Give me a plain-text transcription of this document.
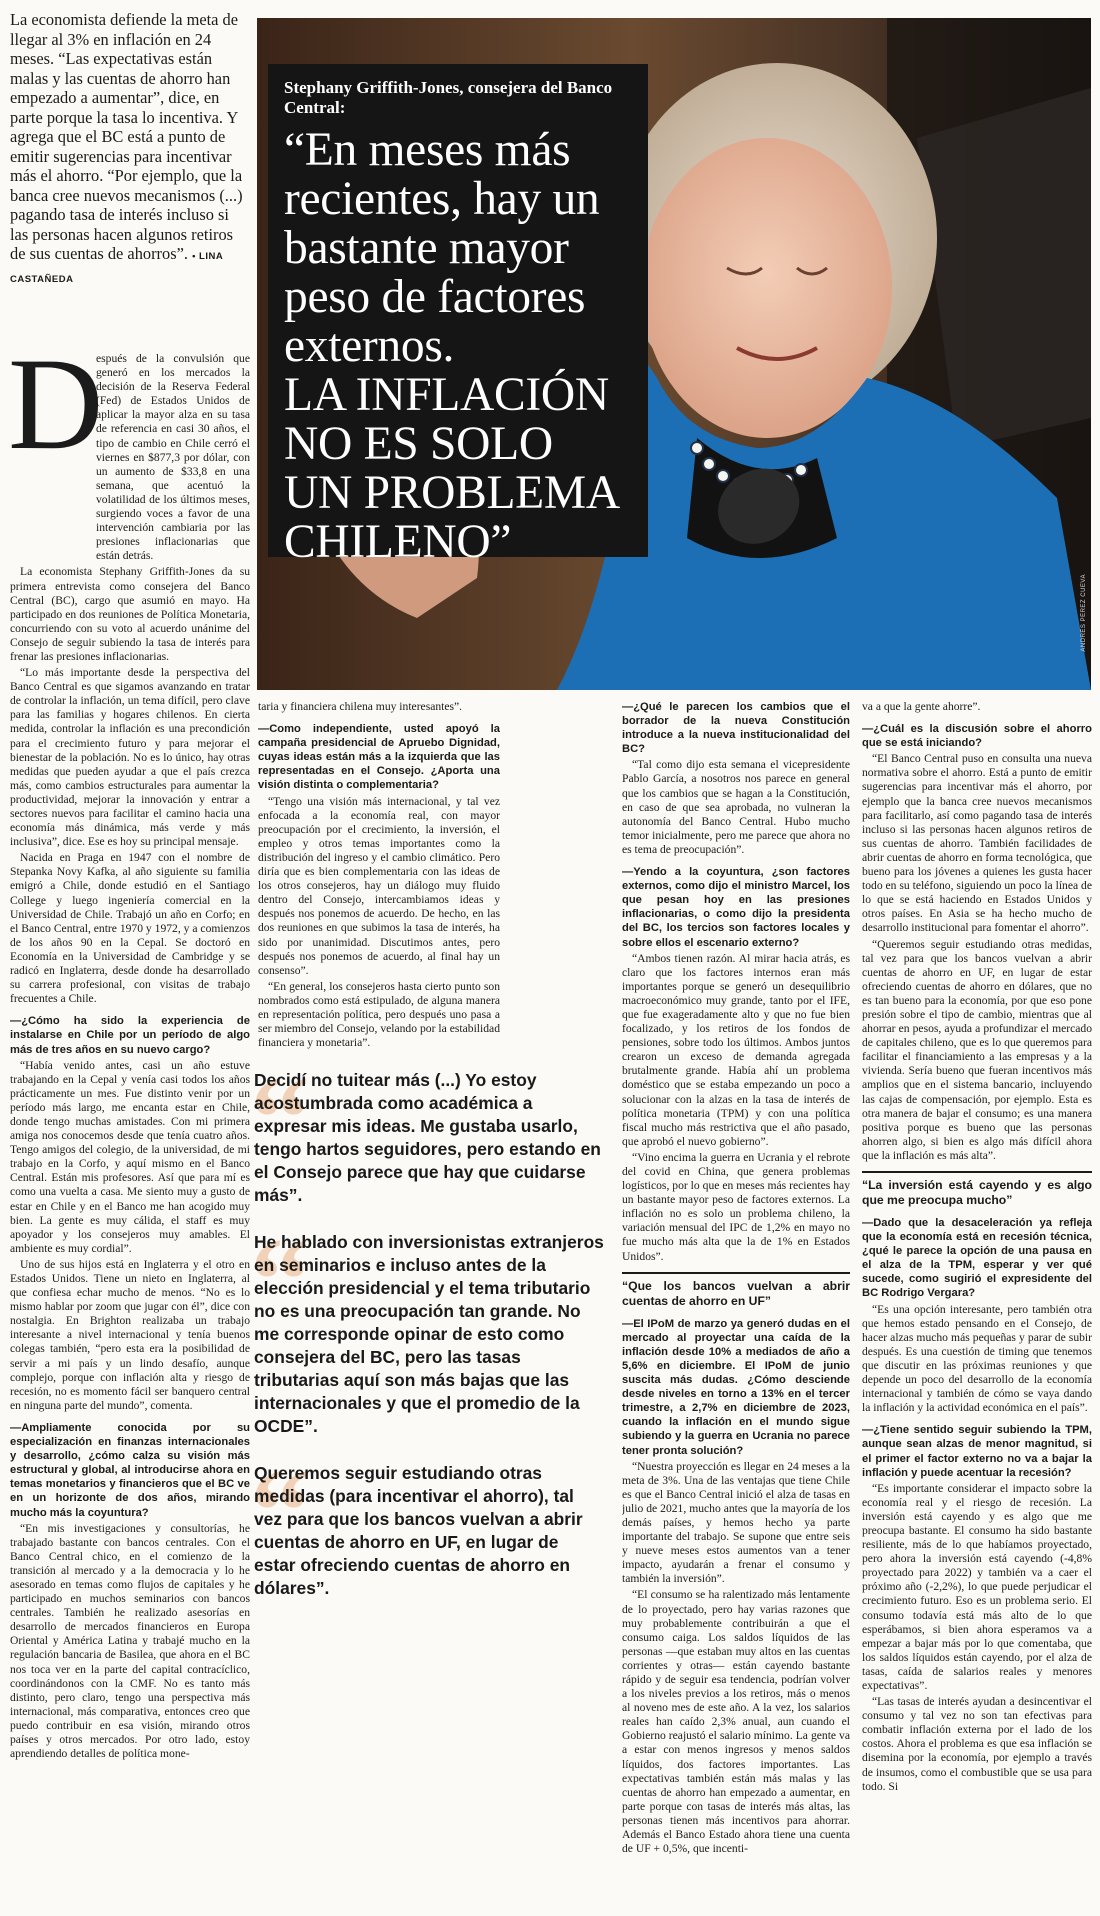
La economista defiende la meta de llegar al 3% en inflación en 24 meses. “Las expectativas están malas y las cuentas de ahorro han empezado a aumentar”, dice, en parte porque la tasa lo incentiva. Y agrega que el BC está a punto de emitir sugerencias para incentivar más el ahorro. “Por ejemplo, que la banca cree nuevos mecanismos (...) pagando tasa de interés incluso si las personas hacen algunos retiros de sus cuentas de ahorros”. • LINA CASTAÑEDA
ANDRÉS PÉREZ CUEVA
Stephany Griffith-Jones, consejera del Banco Central:
“En meses más
recientes, hay un
bastante mayor
peso de factores
externos.
LA INFLACIÓN
NO ES SOLO
UN PROBLEMA
CHILENO”
D

espués de la convulsión que generó en los mercados la decisión de la Reserva Federal (Fed) de Estados Unidos de aplicar la mayor alza en su tasa de referencia en casi 30 años, el tipo de cambio en Chile cerró el viernes en $877,3 por dólar, con un aumento de $33,8 en una semana, que acentuó la volatilidad de los últimos meses, surgiendo voces a favor de una intervención cambiaria por las presiones inflacionarias que están detrás.

La economista Stephany Griffith-Jones da su primera entrevista como consejera del Banco Central (BC), cargo que asumió en mayo. Ha participado en dos reuniones de Política Monetaria, concurriendo con su voto al acuerdo unánime del Consejo de seguir subiendo la tasa de interés para frenar las presiones inflacionarias.

“Lo más importante desde la perspectiva del Banco Central es que sigamos avanzando en tratar de controlar la inflación, un tema difícil, pero clave para las familias y hogares chilenos. En cierta medida, controlar la inflación es una precondición para el crecimiento futuro y para mejorar el bienestar de la población. No es lo único, hay otras medidas que pueden ayudar a que el país crezca más, como cambios estructurales para aumentar la productividad, mejorar la innovación y entrar a sectores nuevos para facilitar el camino hacia una economía más dinámica, más verde y más inclusiva”, dice. Ese es hoy su principal mensaje.

Nacida en Praga en 1947 con el nombre de Stepanka Novy Kafka, al año siguiente su familia emigró a Chile, donde estudió en el Santiago College y luego ingeniería comercial en la Universidad de Chile. Trabajó un año en Corfo; en el Banco Central, entre 1970 y 1972, y a comienzos de los años 90 en la Cepal. Se doctoró en Economía en la Universidad de Cambridge y se radicó en Inglaterra, desde donde ha desarrollado su carrera profesional, con visitas de trabajo frecuentes a Chile.

—¿Cómo ha sido la experiencia de instalarse en Chile por un período de algo más de tres años en su nuevo cargo?

“Había venido antes, casi un año estuve trabajando en la Cepal y venía casi todos los años prácticamente un mes. Fue distinto venir por un período más largo, me encanta estar en Chile, donde tengo muchas amistades. Con mi primera amiga nos conocemos desde que tenía cuatro años. Tengo amigos del colegio, de la universidad, de mi trabajo en la Corfo, y aquí mismo en el Banco Central. Están mis profesores. Así que para mí es como una vuelta a casa. Me siento muy a gusto de estar en Chile y en el Banco me han acogido muy bien. La gente es muy cálida, el staff es muy apoyador y los consejeros muy amables. El ambiente es muy cordial”.

Uno de sus hijos está en Inglaterra y el otro en Estados Unidos. Tiene un nieto en Inglaterra, al que confiesa echar mucho de menos. “No es lo mismo hablar por zoom que jugar con él”, dice con nostalgia. En Brighton realizaba un trabajo interesante a nivel internacional y tenía buenos colegas también, “pero esta era la posibilidad de servir a mi país y un lindo desafío, aunque complejo, porque con inflación alta y riesgo de recesión, no es momento fácil ser banquero central en ninguna parte del mundo”, comenta.

—Ampliamente conocida por su especialización en finanzas internacionales y desarrollo, ¿cómo calza su visión más estructural y global, al introducirse ahora en temas monetarios y financieros que el BC ve en un horizonte de dos años, mirando mucho más la coyuntura?

“En mis investigaciones y consultorías, he trabajado bastante con bancos centrales. Con el Banco Central chico, en el comienzo de la transición al mercado y a la democracia y lo he asesorado en temas como flujos de capitales y he participado en muchos seminarios con bancos centrales. También he realizado asesorías en desarrollo de mercados financieros en Europa Oriental y América Latina y trabajé mucho en la regulación bancaria de Basilea, que ahora en el BC nos toca ver en la parte del capital contracíclico, coordinándonos con la CMF. No es tanto más distinto, pero claro, tengo una perspectiva más internacional, más comparativa, entonces creo que puedo contribuir en esa visión, mirando otros países y otros mercados. Por otro lado, estoy aprendiendo detalles de política mone-

taria y financiera chilena muy interesantes”.

—Como independiente, usted apoyó la campaña presidencial de Apruebo Dignidad, cuyas ideas están más a la izquierda que las representadas en el Consejo. ¿Aporta una visión distinta o complementaria?

“Tengo una visión más internacional, y tal vez enfocada a la economía real, con mayor preocupación por el crecimiento, la inversión, el empleo y otros temas importantes como la distribución del ingreso y el cambio climático. Pero diría que es bien complementaria con las ideas de los otros consejeros, hay un diálogo muy fluido dentro del Consejo, intercambiamos ideas y después nos ponemos de acuerdo. De hecho, en las dos reuniones en que subimos la tasa de interés, ha sido por unanimidad. Discutimos antes, pero después nos ponemos de acuerdo, al final hay un consenso”.

“En general, los consejeros hasta cierto punto son nombrados como está estipulado, de alguna manera en representación política, pero después uno pasa a ser miembro del Consejo, velando por la estabilidad financiera y monetaria”.

“
Decidí no tuitear más (...) Yo estoy acostumbrada como académica a expresar mis ideas. Me gustaba usarlo, tengo hartos seguidores, pero estando en el Consejo parece que hay que cuidarse más”.
“
He hablado con inversionistas extranjeros en seminarios e incluso antes de la elección presidencial y el tema tributario no es una preocupación tan grande. No me corresponde opinar de esto como consejera del BC, pero las tasas tributarias aquí son más bajas que las internacionales y que el promedio de la OCDE”.
“
Queremos seguir estudiando otras medidas (para incentivar el ahorro), tal vez para que los bancos vuelvan a abrir cuentas de ahorro en UF, en lugar de estar ofreciendo cuentas de ahorro en dólares”.

—¿Qué le parecen los cambios que el borrador de la nueva Constitución introduce a la nueva institucionalidad del BC?

“Tal como dijo esta semana el vicepresidente Pablo García, a nosotros nos parece en general que los cambios que se hagan a la Constitución, en caso de que sea aprobada, no vulneran la autonomía del Banco Central. Hubo mucho temor inicialmente, pero me parece que ahora no es tema de preocupación”.

—Yendo a la coyuntura, ¿son factores externos, como dijo el ministro Marcel, los que pesan hoy en las presiones inflacionarias, o como dijo la presidenta del BC, los tercios son factores locales y sobre ellos el escenario externo?

“Ambos tienen razón. Al mirar hacia atrás, es claro que los factores internos eran más importantes porque se generó un desequilibrio macroeconómico muy grande, tanto por el IFE, que fue exageradamente alto y que no fue bien focalizado, y los retiros de los fondos de pensiones, sobre todo los últimos. Ambos juntos crearon un exceso de demanda agregada brutalmente grande. Había ahí un problema doméstico que se estaba empezando un poco a solucionar con la alzas en la tasa de interés de política monetaria (TPM) y con una política fiscal mucho más restrictiva que el año pasado, que aprobó el nuevo gobierno”.

“Vino encima la guerra en Ucrania y el rebrote del covid en China, que genera problemas logísticos, por lo que en meses más recientes hay un bastante mayor peso de factores externos. La inflación no es solo un problema chileno, la variación mensual del IPC de 1,2% en mayo no fue mucho más alta que la de 1% en Estados Unidos”.

“Que los bancos vuelvan a abrir cuentas de ahorro en UF”

—El IPoM de marzo ya generó dudas en el mercado al proyectar una caída de la inflación desde 10% a mediados de año a 5,6% en diciembre. El IPoM de junio suscita más dudas. ¿Cómo desciende desde niveles en torno a 13% en el tercer trimestre, a 2,7% en diciembre de 2023, cuando la inflación en el mundo sigue subiendo y la guerra en Ucrania no parece tener pronta solución?

“Nuestra proyección es llegar en 24 meses a la meta de 3%. Una de las ventajas que tiene Chile es que el Banco Central inició el alza de tasas en julio de 2021, mucho antes que la mayoría de los demás países, y hemos hecho ya parte importante del trabajo. Se supone que entre seis y nueve meses estos aumentos van a tener impacto, ayudarán a frenar el consumo y también la inversión”.

“El consumo se ha ralentizado más lentamente de lo proyectado, pero hay varias razones que muy probablemente contribuirán a que el consumo caiga. Los saldos líquidos de las personas —que estaban muy altos en las cuentas corrientes y otras— están cayendo bastante rápido y de seguir esa tendencia, podrían volver a los niveles previos a los retiros, más o menos al noveno mes de este año. A la vez, los salarios reales han caído 2,3% anual, aun cuando el Gobierno reajustó el salario mínimo. La gente va a estar con menos ingresos y menos saldos líquidos, dos factores importantes. Las expectativas también están más malas y las cuentas de ahorro han empezado a aumentar, en parte porque con tasas de interés más altas, las personas tienen más incentivos para ahorrar. Además el Banco Estado ahora tiene una cuenta de UF + 0,5%, que incenti-

va a que la gente ahorre”.

—¿Cuál es la discusión sobre el ahorro que se está iniciando?

“El Banco Central puso en consulta una nueva normativa sobre el ahorro. Está a punto de emitir sugerencias para incentivar más el ahorro, por ejemplo que la banca cree nuevos mecanismos para facilitarlo, así como pagando tasa de interés incluso si las personas hacen algunos retiros de sus cuentas de ahorro. También facilidades de abrir cuentas de ahorro en forma tecnológica, que bueno para los jóvenes a quienes les gusta hacer todo en su teléfono, siguiendo un poco la línea de lo que se está haciendo en Estados Unidos y otros países. En Asia se ha hecho mucho de desarrollo institucional para fomentar el ahorro”.

“Queremos seguir estudiando otras medidas, tal vez para que los bancos vuelvan a abrir cuentas de ahorro en UF, en lugar de estar ofreciendo cuentas de ahorro en dólares, que no es tan bueno para la economía, por que eso pone presión sobre el tipo de cambio, mientras que al ahorrar en pesos, ayuda a profundizar el mercado de capitales chileno, que es lo que queremos para facilitar el financiamiento a las empresas y a la vivienda. Sería bueno que fueran incentivos más amplios que en el sistema bancario, incluyendo las cajas de compensación, por ejemplo. Esta es otra manera de bajar el consumo; es una manera positiva porque es bueno que las personas ahorren algo, si bien es algo más difícil ahora que la inflación es más alta”.

“La inversión está cayendo y es algo que me preocupa mucho”

—Dado que la desaceleración ya refleja que la economía está en recesión técnica, ¿qué le parece la opción de una pausa en el alza de la TPM, esperar y ver qué sucede, como sugirió el expresidente del BC Rodrigo Vergara?

“Es una opción interesante, pero también otra que hemos estado pensando en el Consejo, de hacer alzas mucho más pequeñas y parar de subir después. Es una cuestión de timing que tenemos que discutir en las próximas reuniones y que depende un poco del desarrollo de la economía internacional y también de cómo se vaya dando la inflación y la actividad económica en el país”.

—¿Tiene sentido seguir subiendo la TPM, aunque sean alzas de menor magnitud, si el primer el factor externo no va a bajar la inflación y puede acentuar la recesión?

“Es importante considerar el impacto sobre la economía real y el riesgo de recesión. La inversión está cayendo y es algo que me preocupa bastante. El consumo ha sido bastante resiliente, más de lo que habíamos proyectado, pero ahora la inversión está cayendo (-4,8% proyectado para 2022) y también va a caer el próximo año (-2,2%), lo que puede perjudicar el crecimiento futuro. Eso es un problema serio. El consumo todavía está más alto de lo que esperábamos, si bien ahora esperamos va a empezar a bajar más por lo que comentaba, que los saldos líquidos están cayendo, por el alza de tasas, caída de salarios reales y menores expectativas”.

“Las tasas de interés ayudan a desincentivar el consumo y tal vez no son tan efectivas para combatir inflación externa por el lado de los costos. Ahora el problema es que esa inflación se disemina por la economía, por ejemplo a través de insumos, como el combustible que se usa para todo. Si
